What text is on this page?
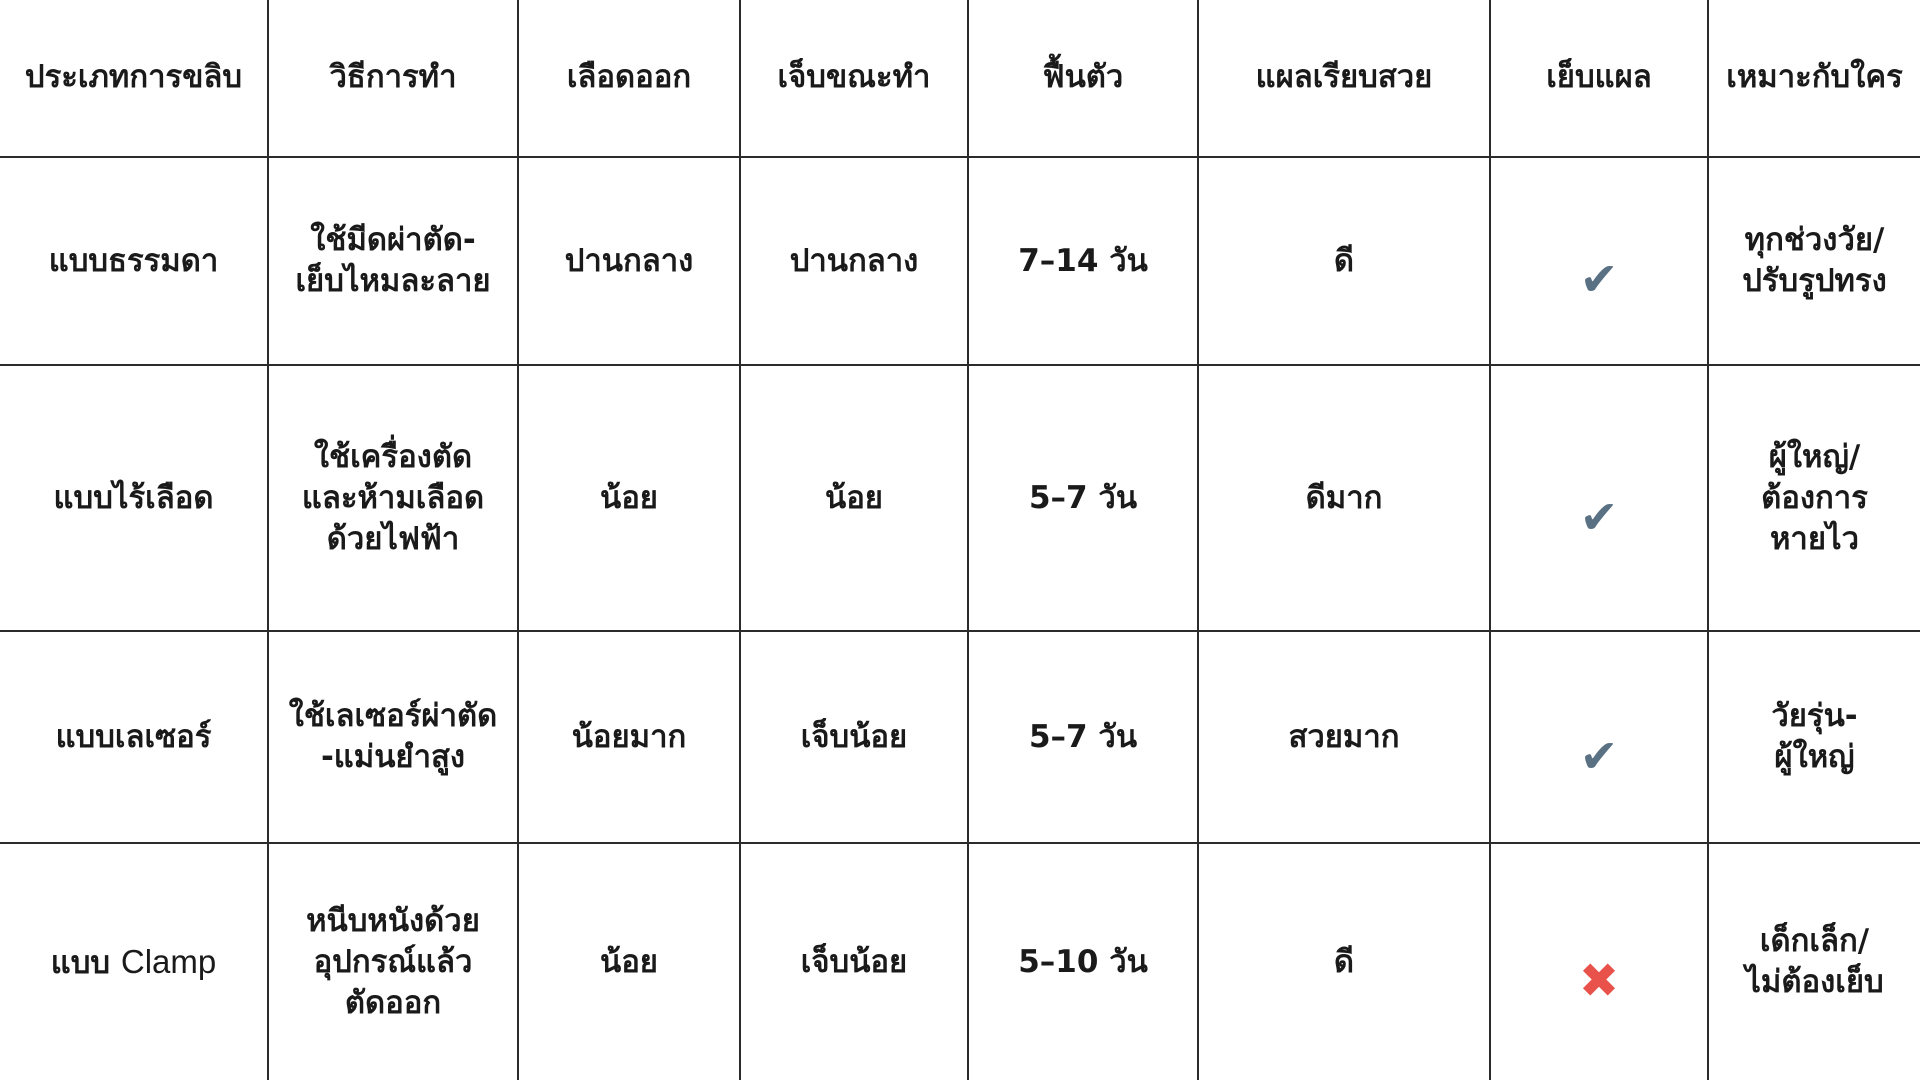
ประเภทการขลิบ	วิธีการทำ	เลือดออก	เจ็บขณะทำ	ฟื้นตัว	แผลเรียบสวย	เย็บแผล	เหมาะกับใคร
แบบธรรมดา	ใช้มีดผ่าตัด-
เย็บไหมละลาย	ปานกลาง	ปานกลาง	7–14 วัน	ดี	✔	ทุกช่วงวัย/
ปรับรูปทรง
แบบไร้เลือด	ใช้เครื่องตัด
และห้ามเลือด
ด้วยไฟฟ้า	น้อย	น้อย	5–7 วัน	ดีมาก	✔	ผู้ใหญ่/
ต้องการ
หายไว
แบบเลเซอร์	ใช้เลเซอร์ผ่าตัด
-แม่นยำสูง	น้อยมาก	เจ็บน้อย	5–7 วัน	สวยมาก	✔	วัยรุ่น-
ผู้ใหญ่
แบบ Clamp	หนีบหนังด้วย
อุปกรณ์แล้ว
ตัดออก	น้อย	เจ็บน้อย	5–10 วัน	ดี	✖	เด็กเล็ก/
ไม่ต้องเย็บ
